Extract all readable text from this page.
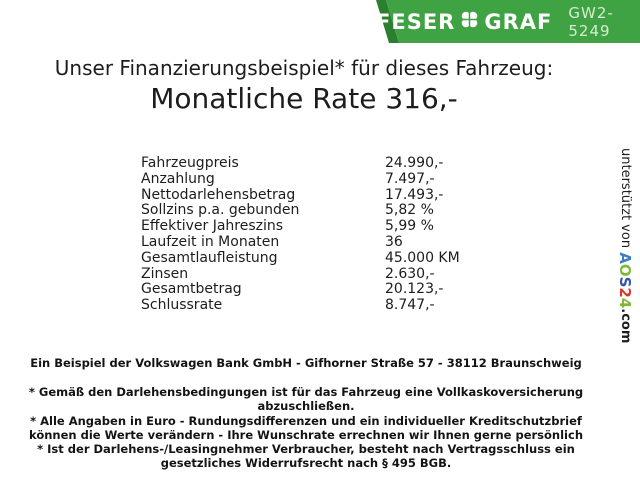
FESER GRAF GW2-5249

Unser Finanzierungsbeispiel* für dieses Fahrzeug:

Monatliche Rate 316,-

Fahrzeugpreis	24.990,-
Anzahlung	7.497,-
Nettodarlehensbetrag	17.493,-
Sollzins p.a. gebunden	5,82 %
Effektiver Jahreszins	5,99 %
Laufzeit in Monaten	36
Gesamtlaufleistung	45.000 KM
Zinsen	2.630,-
Gesamtbetrag	20.123,-
Schlussrate	8.747,-

Ein Beispiel der Volkswagen Bank GmbH - Gifhorner Straße 57 - 38112 Braunschweig

* Gemäß den Darlehensbedingungen ist für das Fahrzeug eine Vollkaskoversicherung abzuschließen.

* Alle Angaben in Euro - Rundungsdifferenzen und ein individueller Kreditschutzbrief können die Werte verändern - Ihre Wunschrate errechnen wir Ihnen gerne persönlich

* Ist der Darlehens-/Leasingnehmer Verbraucher, besteht nach Vertragsschluss ein gesetzliches Widerrufsrecht nach § 495 BGB.

unterstützt von AOS24.com
